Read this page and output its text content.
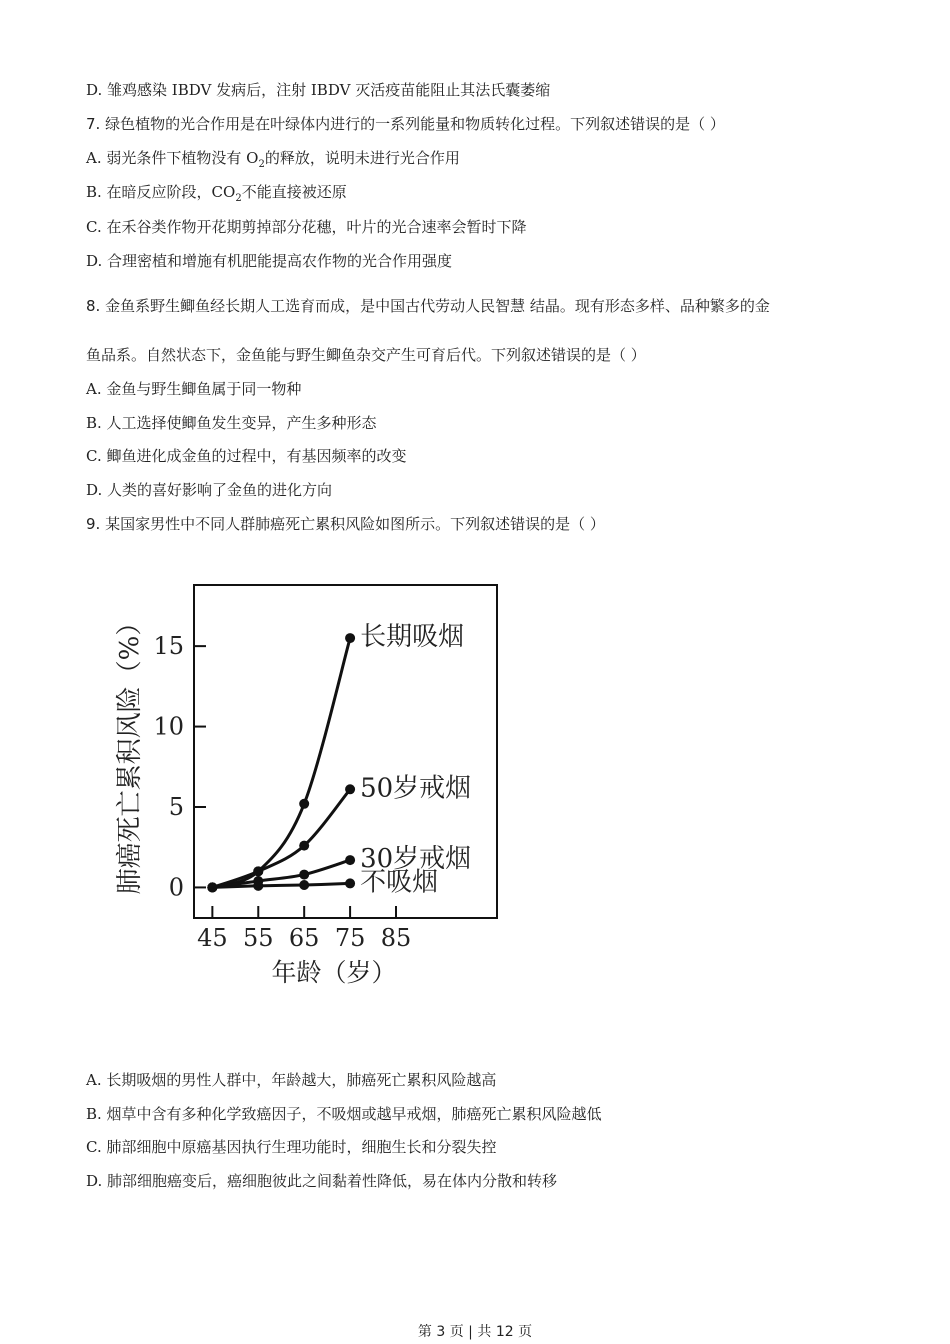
D. 雏鸡感染 IBDV 发病后，注射 IBDV 灭活疫苗能阻止其法氏囊萎缩
7. 绿色植物的光合作用是在叶绿体内进行的一系列能量和物质转化过程。下列叙述错误的是（ ）
A. 弱光条件下植物没有 $O_2$的释放，说明未进行光合作用
B. 在暗反应阶段，$CO_2$不能直接被还原
C. 在禾谷类作物开花期剪掉部分花穗，叶片的光合速率会暂时下降
D. 合理密植和增施有机肥能提高农作物的光合作用强度
8. 金鱼系野生鲫鱼经长期人工选育而成，是中国古代劳动人民智慧 结晶。现有形态多样、品种繁多的金
鱼品系。自然状态下，金鱼能与野生鲫鱼杂交产生可育后代。下列叙述错误的是（ ）
A. 金鱼与野生鲫鱼属于同一物种
B. 人工选择使鲫鱼发生变异，产生多种形态
C. 鲫鱼进化成金鱼的过程中，有基因频率的改变
D. 人类的喜好影响了金鱼的进化方向
9. 某国家男性中不同人群肺癌死亡累积风险如图所示。下列叙述错误的是（ ）
45 55 65 75 85
0
5
10
15	长期吸烟
50岁戒烟
30岁戒烟
不吸烟
肺癌死亡累积风险（%）
年龄（岁）
A. 长期吸烟的男性人群中，年龄越大，肺癌死亡累积风险越高
B. 烟草中含有多种化学致癌因子，不吸烟或越早戒烟，肺癌死亡累积风险越低
C. 肺部细胞中原癌基因执行生理功能时，细胞生长和分裂失控
D. 肺部细胞癌变后，癌细胞彼此之间黏着性降低，易在体内分散和转移
第 3 页 | 共 12 页
